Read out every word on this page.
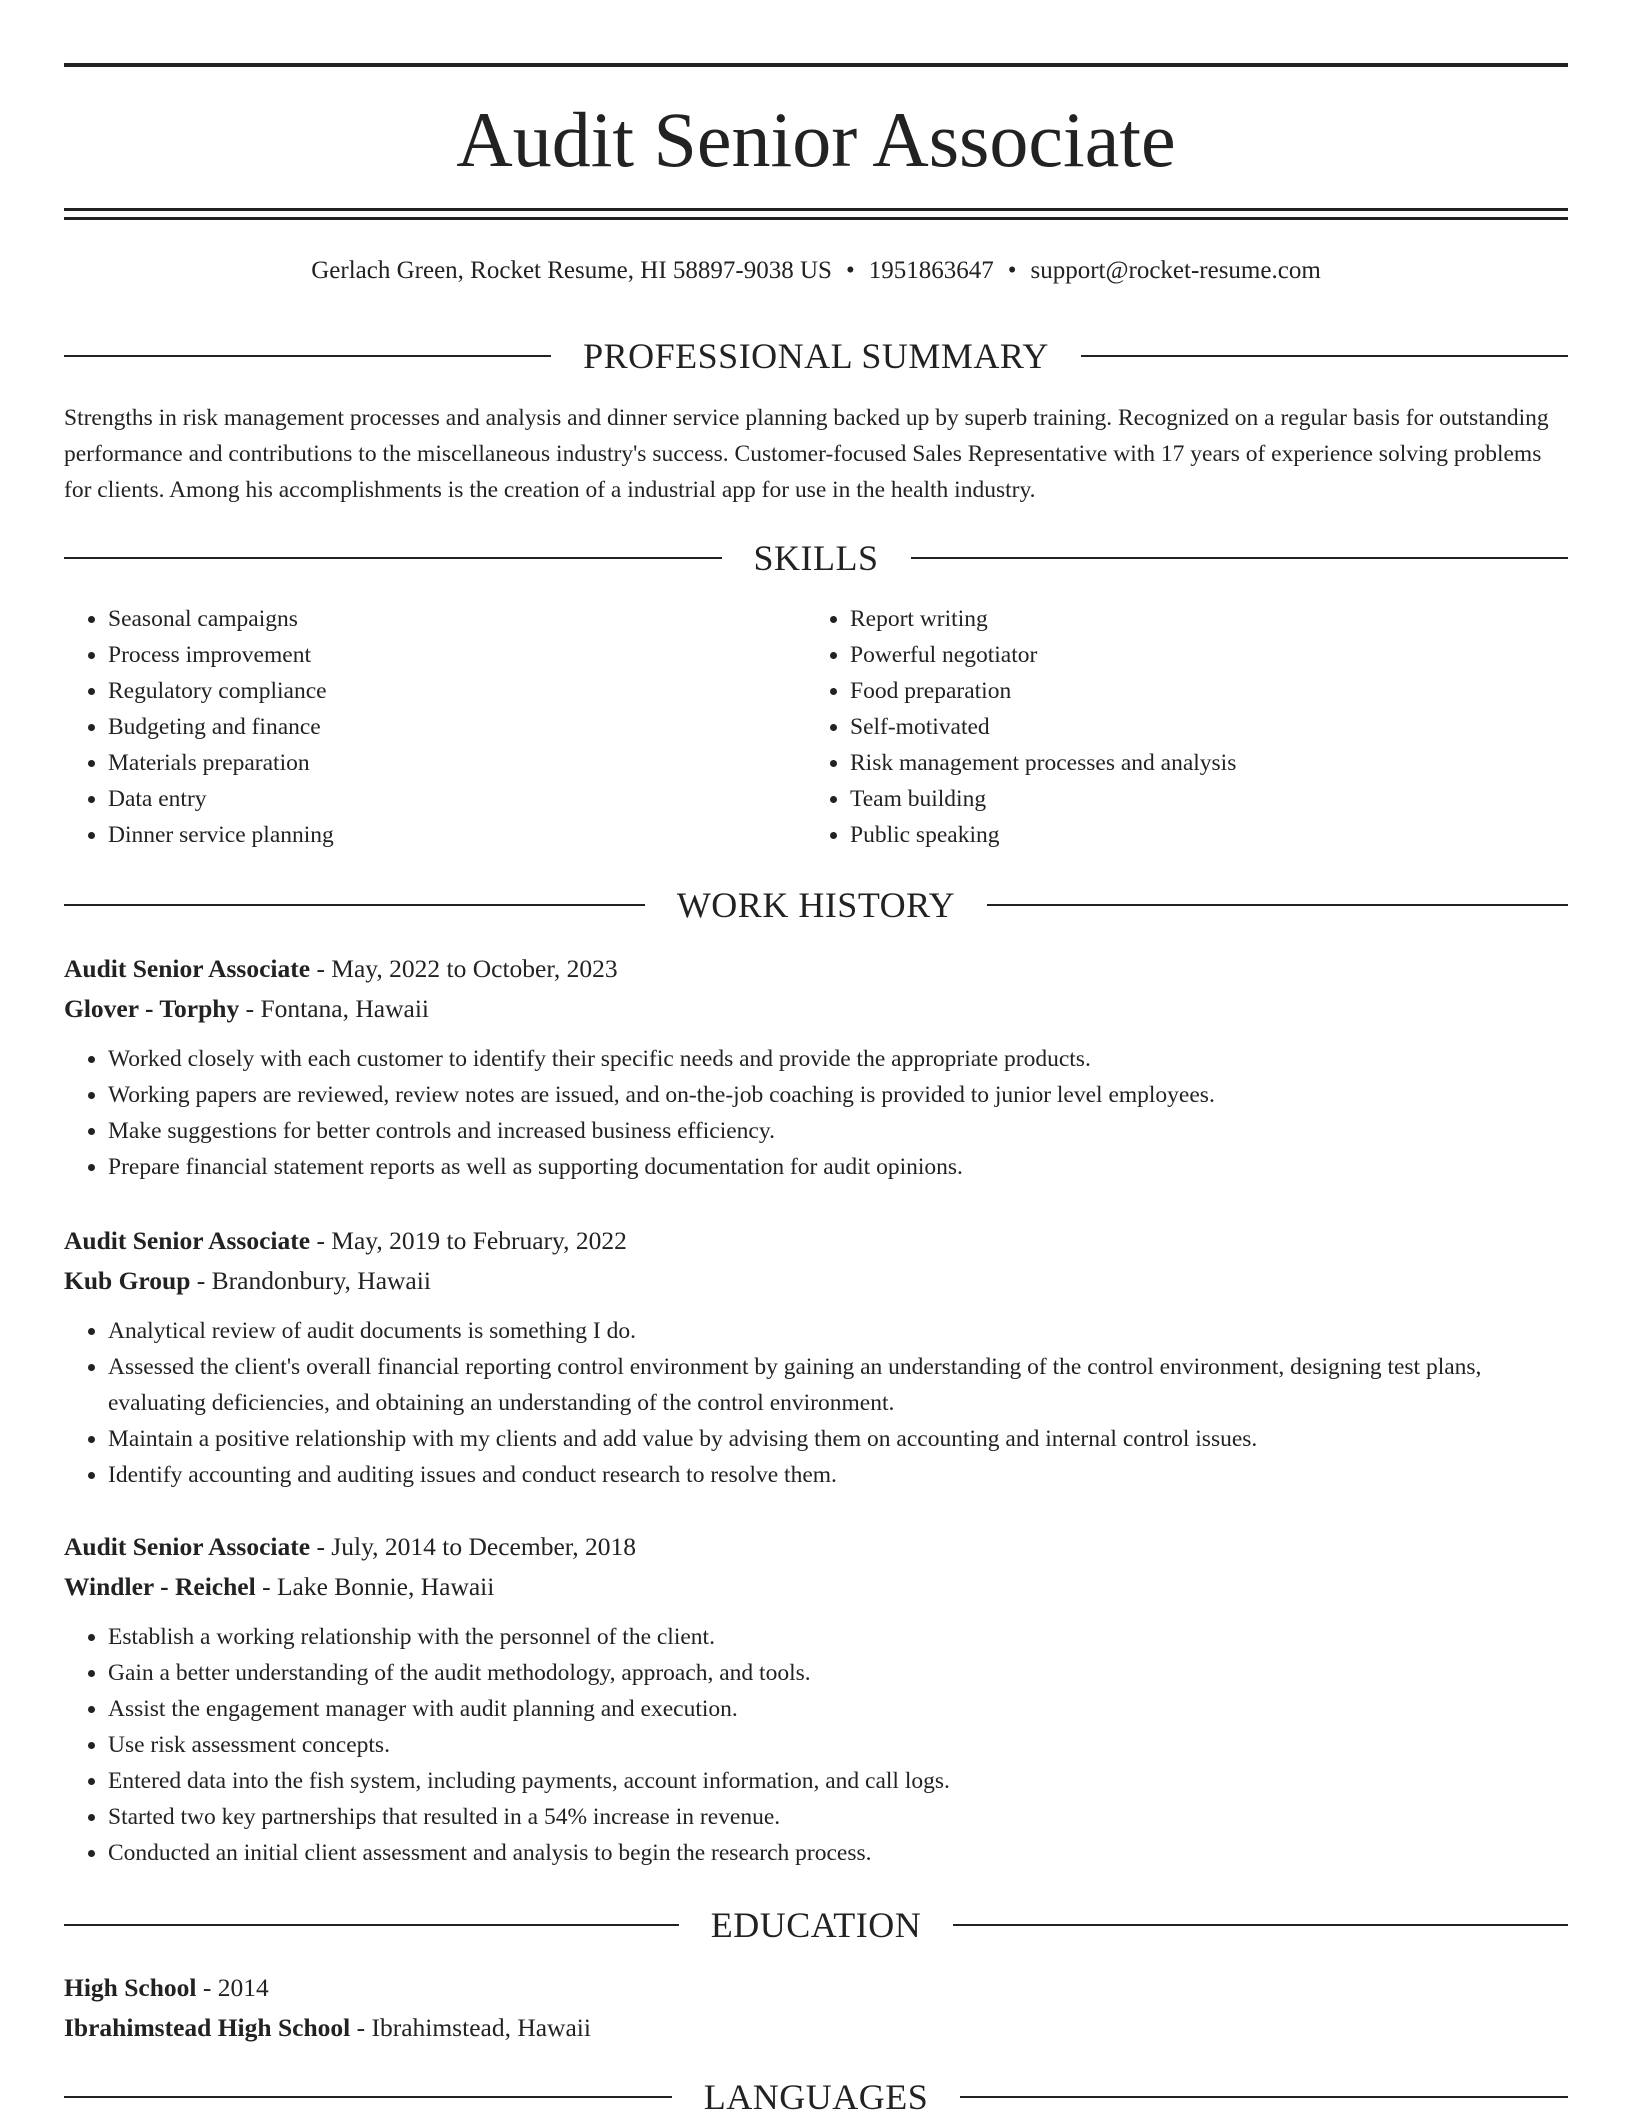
Audit Senior Associate
Gerlach Green, Rocket Resume, HI 58897-9038 US • 1951863647 • support@rocket-resume.com
PROFESSIONAL SUMMARY

Strengths in risk management processes and analysis and dinner service planning backed up by superb training. Recognized on a regular basis for outstanding performance and contributions to the miscellaneous industry's success. Customer-focused Sales Representative with 17 years of experience solving problems for clients. Among his accomplishments is the creation of a industrial app for use in the health industry.

SKILLS
• Seasonal campaigns
• Process improvement
• Regulatory compliance
• Budgeting and finance
• Materials preparation
• Data entry
• Dinner service planning
• Report writing
• Powerful negotiator
• Food preparation
• Self-motivated
• Risk management processes and analysis
• Team building
• Public speaking
WORK HISTORY
Audit Senior Associate - May, 2022 to October, 2023
Glover - Torphy - Fontana, Hawaii
• Worked closely with each customer to identify their specific needs and provide the appropriate products.
• Working papers are reviewed, review notes are issued, and on-the-job coaching is provided to junior level employees.
• Make suggestions for better controls and increased business efficiency.
• Prepare financial statement reports as well as supporting documentation for audit opinions.
Audit Senior Associate - May, 2019 to February, 2022
Kub Group - Brandonbury, Hawaii
• Analytical review of audit documents is something I do.
• Assessed the client's overall financial reporting control environment by gaining an understanding of the control environment, designing test plans, evaluating deficiencies, and obtaining an understanding of the control environment.
• Maintain a positive relationship with my clients and add value by advising them on accounting and internal control issues.
• Identify accounting and auditing issues and conduct research to resolve them.
Audit Senior Associate - July, 2014 to December, 2018
Windler - Reichel - Lake Bonnie, Hawaii
• Establish a working relationship with the personnel of the client.
• Gain a better understanding of the audit methodology, approach, and tools.
• Assist the engagement manager with audit planning and execution.
• Use risk assessment concepts.
• Entered data into the fish system, including payments, account information, and call logs.
• Started two key partnerships that resulted in a 54% increase in revenue.
• Conducted an initial client assessment and analysis to begin the research process.
EDUCATION
High School - 2014
Ibrahimstead High School - Ibrahimstead, Hawaii
LANGUAGES
